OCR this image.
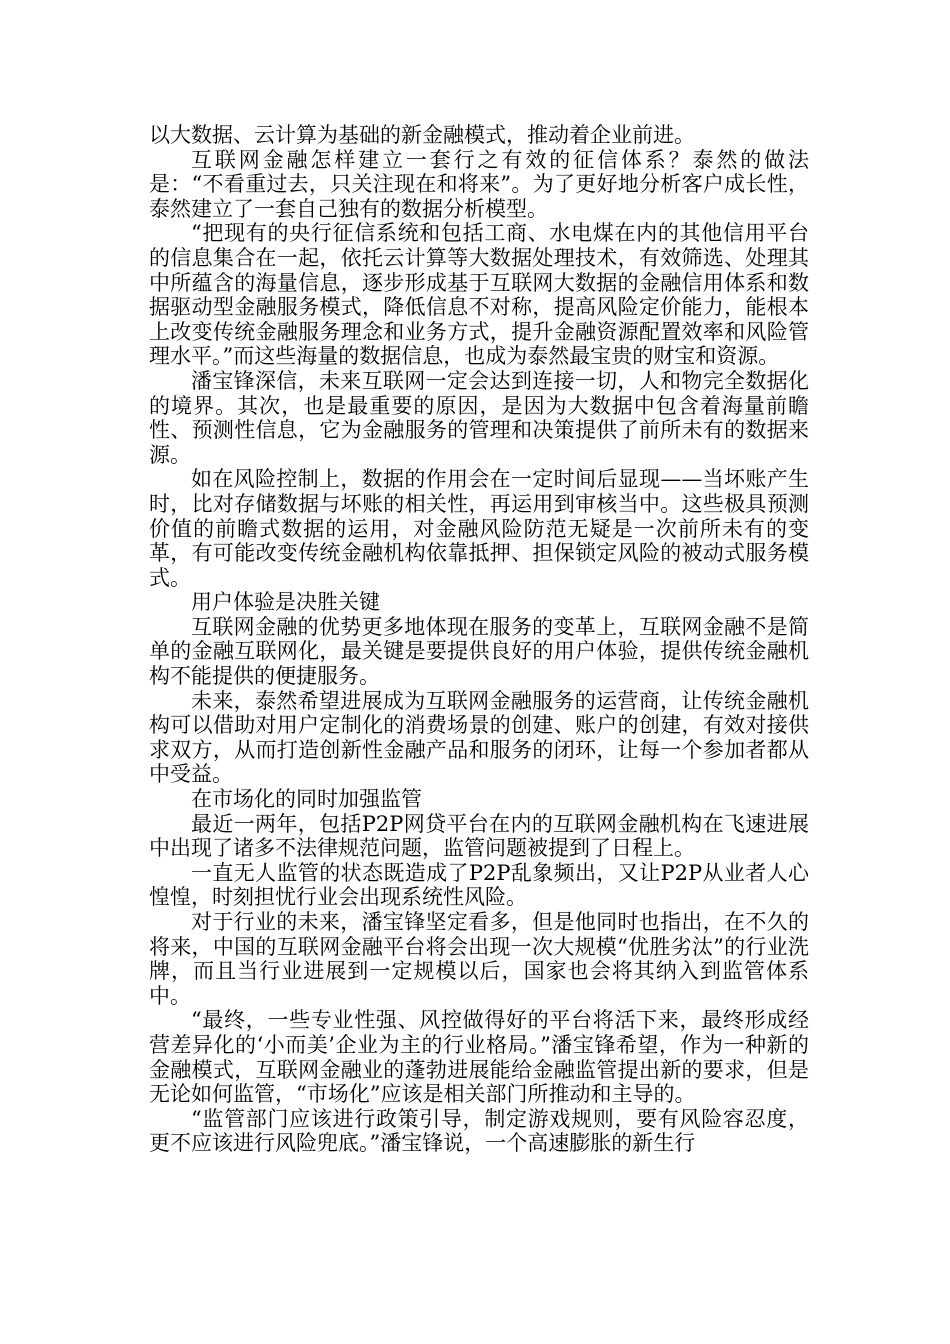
以大数据、云计算为基础的新金融模式，推动着企业前进。

互联网金融怎样建立一套行之有效的征信体系？泰然的做法是：“不看重过去，只关注现在和将来”。为了更好地分析客户成长性，泰然建立了一套自己独有的数据分析模型。

“把现有的央行征信系统和包括工商、水电煤在内的其他信用平台的信息集合在一起，依托云计算等大数据处理技术，有效筛选、处理其中所蕴含的海量信息，逐步形成基于互联网大数据的金融信用体系和数据驱动型金融服务模式，降低信息不对称，提高风险定价能力，能根本上改变传统金融服务理念和业务方式，提升金融资源配置效率和风险管理水平。”而这些海量的数据信息，也成为泰然最宝贵的财宝和资源。

潘宝锋深信，未来互联网一定会达到连接一切，人和物完全数据化的境界。其次，也是最重要的原因，是因为大数据中包含着海量前瞻性、预测性信息，它为金融服务的管理和决策提供了前所未有的数据来源。

如在风险控制上，数据的作用会在一定时间后显现——当坏账产生时，比对存储数据与坏账的相关性，再运用到审核当中。这些极具预测价值的前瞻式数据的运用，对金融风险防范无疑是一次前所未有的变革，有可能改变传统金融机构依靠抵押、担保锁定风险的被动式服务模式。

用户体验是决胜关键

互联网金融的优势更多地体现在服务的变革上，互联网金融不是简单的金融互联网化，最关键是要提供良好的用户体验，提供传统金融机构不能提供的便捷服务。

未来，泰然希望进展成为互联网金融服务的运营商，让传统金融机构可以借助对用户定制化的消费场景的创建、账户的创建，有效对接供求双方，从而打造创新性金融产品和服务的闭环，让每一个参加者都从中受益。

在市场化的同时加强监管

最近一两年，包括P2P网贷平台在内的互联网金融机构在飞速进展中出现了诸多不法律规范问题，监管问题被提到了日程上。

一直无人监管的状态既造成了P2P乱象频出，又让P2P从业者人心惶惶，时刻担忧行业会出现系统性风险。

对于行业的未来，潘宝锋坚定看多，但是他同时也指出，在不久的将来，中国的互联网金融平台将会出现一次大规模“优胜劣汰”的行业洗牌，而且当行业进展到一定规模以后，国家也会将其纳入到监管体系中。

“最终，一些专业性强、风控做得好的平台将活下来，最终形成经营差异化的‘小而美’企业为主的行业格局。”潘宝锋希望，作为一种新的金融模式，互联网金融业的蓬勃进展能给金融监管提出新的要求，但是无论如何监管，“市场化”应该是相关部门所推动和主导的。

“监管部门应该进行政策引导，制定游戏规则，要有风险容忍度，更不应该进行风险兜底。”潘宝锋说，一个高速膨胀的新生行
